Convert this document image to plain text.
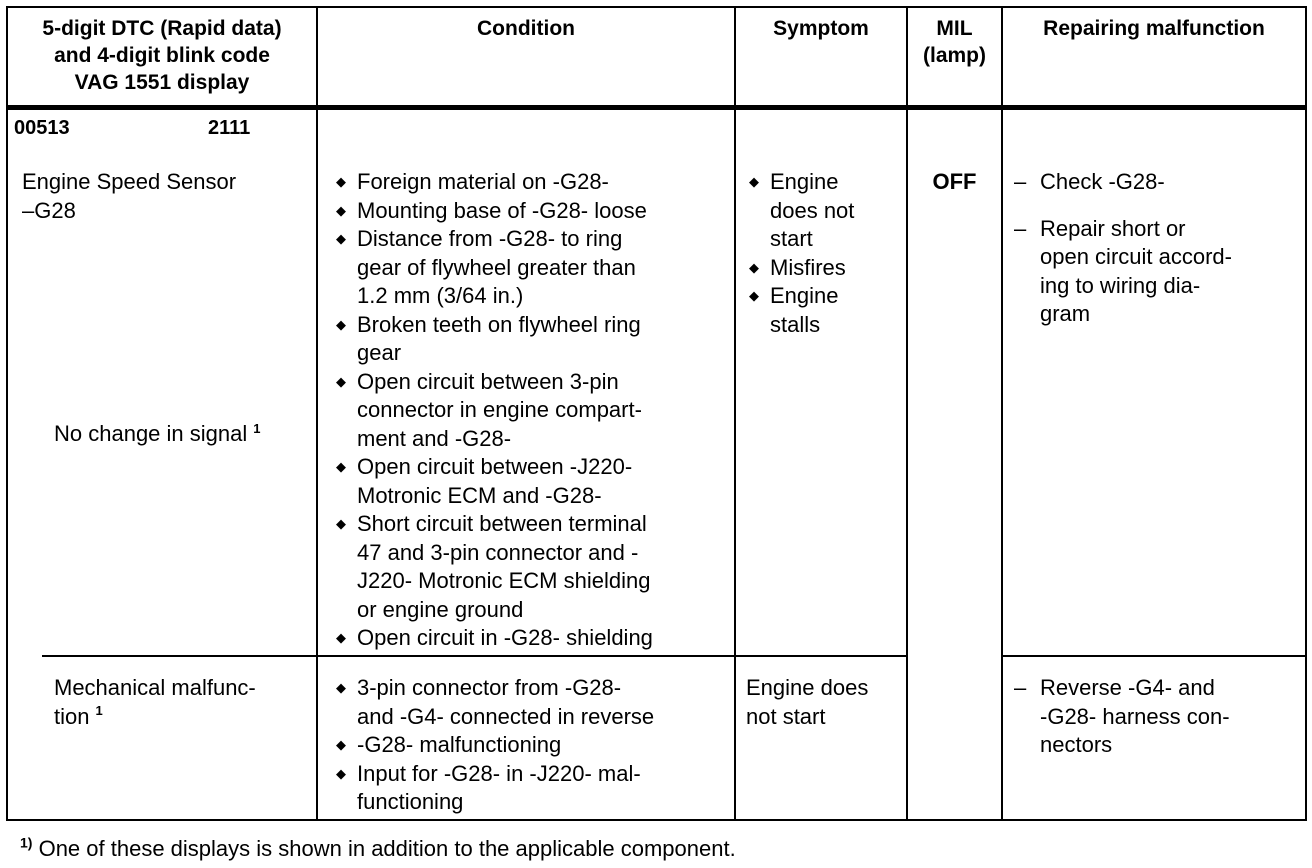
5-digit DTC (Rapid data)
and 4-digit blink code
VAG 1551 display
Condition	Symptom	MIL
(lamp)
Repairing malfunction
00513	2111
Engine Speed Sensor
–G28
No change in signal $^1$
Mechanical malfunc-
tion $^1$
◆ Foreign material on -G28-
◆ Mounting base of -G28- loose
◆ Distance from -G28- to ring
gear of flywheel greater than
1.2 mm (3/64 in.)
◆ Broken teeth on flywheel ring
gear
◆ Open circuit between 3-pin
connector in engine compart-
ment and -G28-
◆ Open circuit between -J220-
Motronic ECM and -G28-
◆ Short circuit between terminal
47 and 3-pin connector and -
J220- Motronic ECM shielding
or engine ground
◆ Open circuit in -G28- shielding
◆ 3-pin connector from -G28-
and -G4- connected in reverse
◆ -G28- malfunctioning
◆ Input for -G28- in -J220- mal-
functioning
◆ Engine
does not
start
◆ Misfires
◆ Engine
stalls
Engine does
not start
OFF
–	Check -G28-
– Repair short or
open circuit accord-
ing to wiring dia-
gram
– Reverse -G4- and
-G28- harness con-
nectors
$^{1)}$ One of these displays is shown in addition to the applicable component.
